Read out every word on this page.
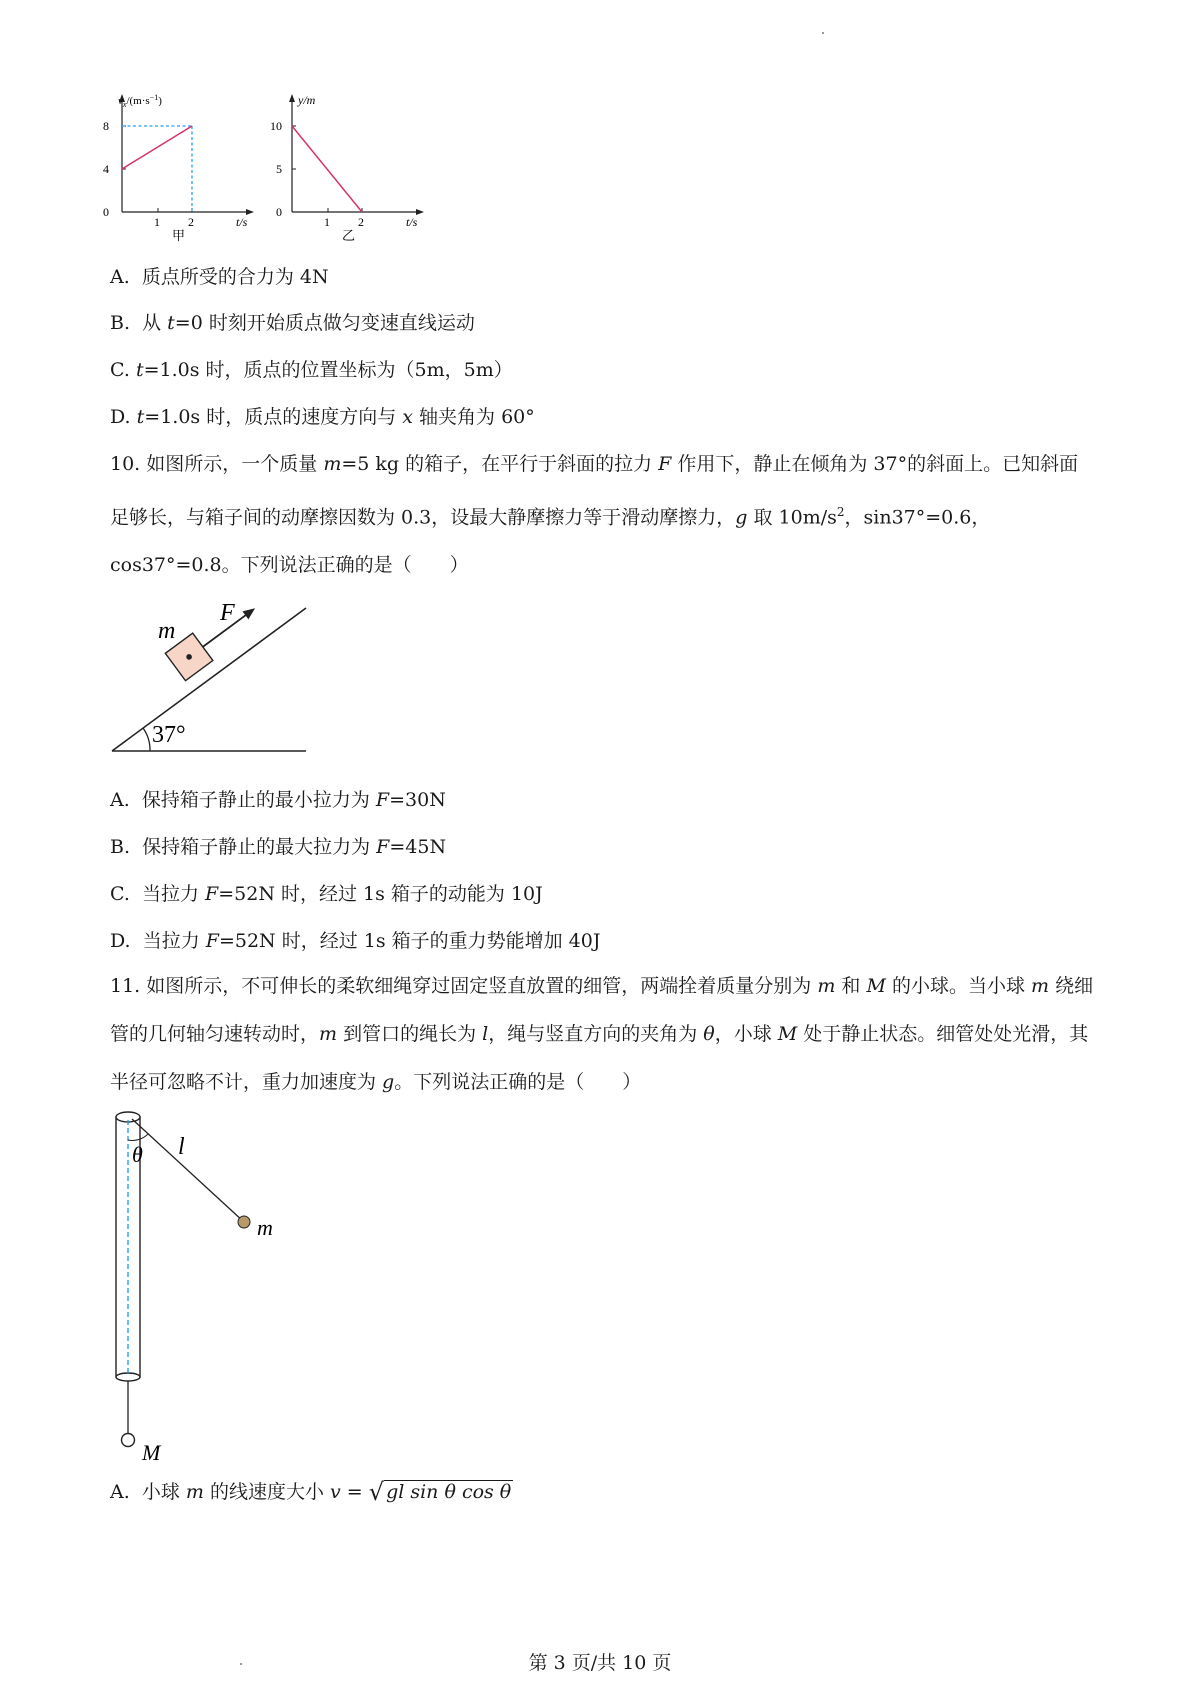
$v_x/(m\cdot s^{-1})$
8
4
0
1 2	t/s
甲
y/m
10
5
0
1 2	t/s
乙
A. 质点所受的合力为 4N
B. 从 t=0 时刻开始质点做匀变速直线运动
C. t=1.0s 时，质点的位置坐标为（5m，5m）
D. t=1.0s 时，质点的速度方向与 x 轴夹角为 60°
10. 如图所示，一个质量 m=5 kg 的箱子，在平行于斜面的拉力 F 作用下，静止在倾角为 37°的斜面上。已知斜面足够长，与箱子间的动摩擦因数为 0.3，设最大静摩擦力等于滑动摩擦力，g 取 $10m/s^2$，sin37°=0.6，cos37°=0.8。下列说法正确的是（　　）
37°
m
F
A. 保持箱子静止的最小拉力为 F=30N
B. 保持箱子静止的最大拉力为 F=45N
C. 当拉力 F=52N 时，经过 1s 箱子的动能为 10J
D. 当拉力 F=52N 时，经过 1s 箱子的重力势能增加 40J
11. 如图所示，不可伸长的柔软细绳穿过固定竖直放置的细管，两端拴着质量分别为 m 和 M 的小球。当小球 m 绕细管的几何轴匀速转动时，m 到管口的绳长为 l，绳与竖直方向的夹角为 θ，小球 M 处于静止状态。细管处处光滑，其半径可忽略不计，重力加速度为 g。下列说法正确的是（　　）
θ l
m
M
A. 小球 m 的线速度大小 v = √ gl sin θ cos θ
第 3 页/共 10 页
